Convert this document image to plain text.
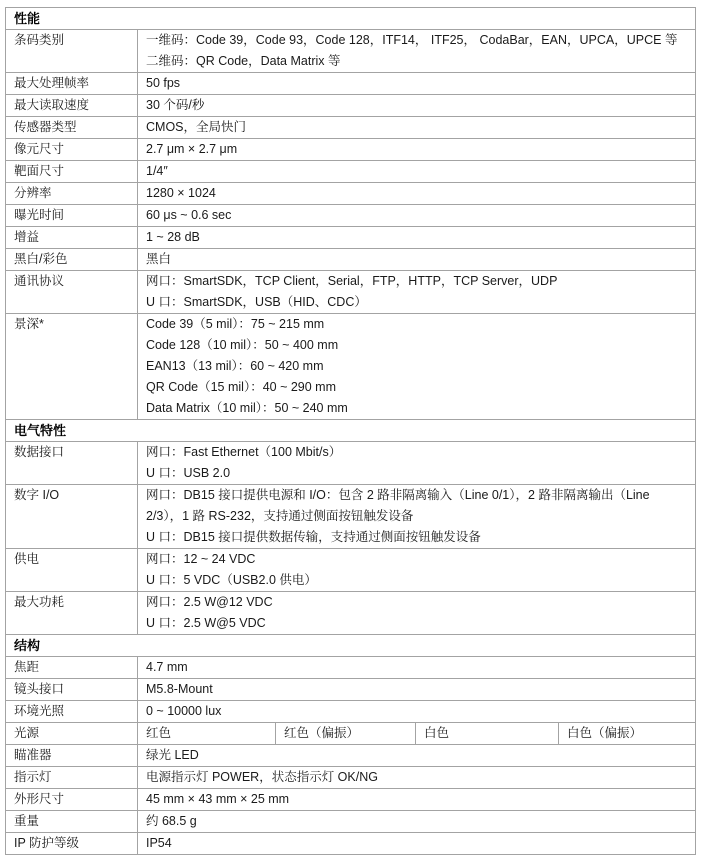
性能				
条码类别	一维码：Code 39，Code 93，Code 128，ITF14， ITF25， CodaBar，EAN，UPCA，UPCE 等
二维码：QR Code，Data Matrix 等			

最大处理帧率	50 fps			

最大读取速度	30 个码/秒			

传感器类型	CMOS，全局快门			

像元尺寸	2.7 μm × 2.7 μm			

靶面尺寸	1/4″			

分辨率	1280 × 1024			

曝光时间	60 μs ~ 0.6 sec			

增益	1 ~ 28 dB			

黑白/彩色	黑白			

通讯协议	网口：SmartSDK，TCP Client，Serial，FTP，HTTP，TCP Server，UDP
U 口：SmartSDK，USB（HID、CDC）			

景深*	Code 39（5 mil）：75 ~ 215 mm
Code 128（10 mil）：50 ~ 400 mm
EAN13（13 mil）：60 ~ 420 mm
QR Code（15 mil）：40 ~ 290 mm
Data Matrix（10 mil）：50 ~ 240 mm			

电气特性				
数据接口	网口：Fast Ethernet（100 Mbit/s）
U 口：USB 2.0			

数字 I/O	网口：DB15 接口提供电源和 I/O：包含 2 路非隔离输入（Line 0/1），2 路非隔离输出（Line 2/3），1 路 RS-232，支持通过侧面按钮触发设备
U 口：DB15 接口提供数据传输，支持通过侧面按钮触发设备			

供电	网口：12 ~ 24 VDC
U 口：5 VDC（USB2.0 供电）			

最大功耗	网口：2.5 W@12 VDC
U 口：2.5 W@5 VDC			

结构				
焦距	4.7 mm			

镜头接口	M5.8-Mount			

环境光照	0 ~ 10000 lux			

光源	红色	红色（偏振）	白色	白色（偏振）
瞄准器	绿光 LED			

指示灯	电源指示灯 POWER，状态指示灯 OK/NG			

外形尺寸	45 mm × 43 mm × 25 mm			

重量	约 68.5 g			

IP 防护等级	IP54			
